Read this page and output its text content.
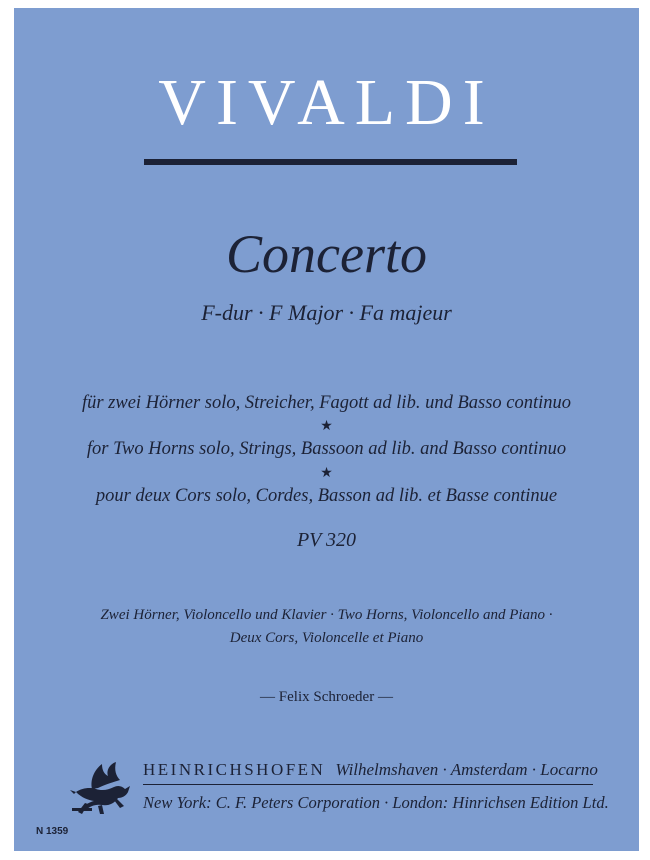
VIVALDI
Concerto
F-dur · F Major · Fa majeur
für zwei Hörner solo, Streicher, Fagott ad lib. und Basso continuo
★
for Two Horns solo, Strings, Bassoon ad lib. and Basso continuo
★
pour deux Cors solo, Cordes, Basson ad lib. et Basse continue
PV 320
Zwei Hörner, Violoncello und Klavier · Two Horns, Violoncello and Piano ·
Deux Cors, Violoncelle et Piano
— Felix Schroeder —
HEINRICHSHOFEN Wilhelmshaven · Amsterdam · Locarno
New York: C. F. Peters Corporation · London: Hinrichsen Edition Ltd.
N 1359
